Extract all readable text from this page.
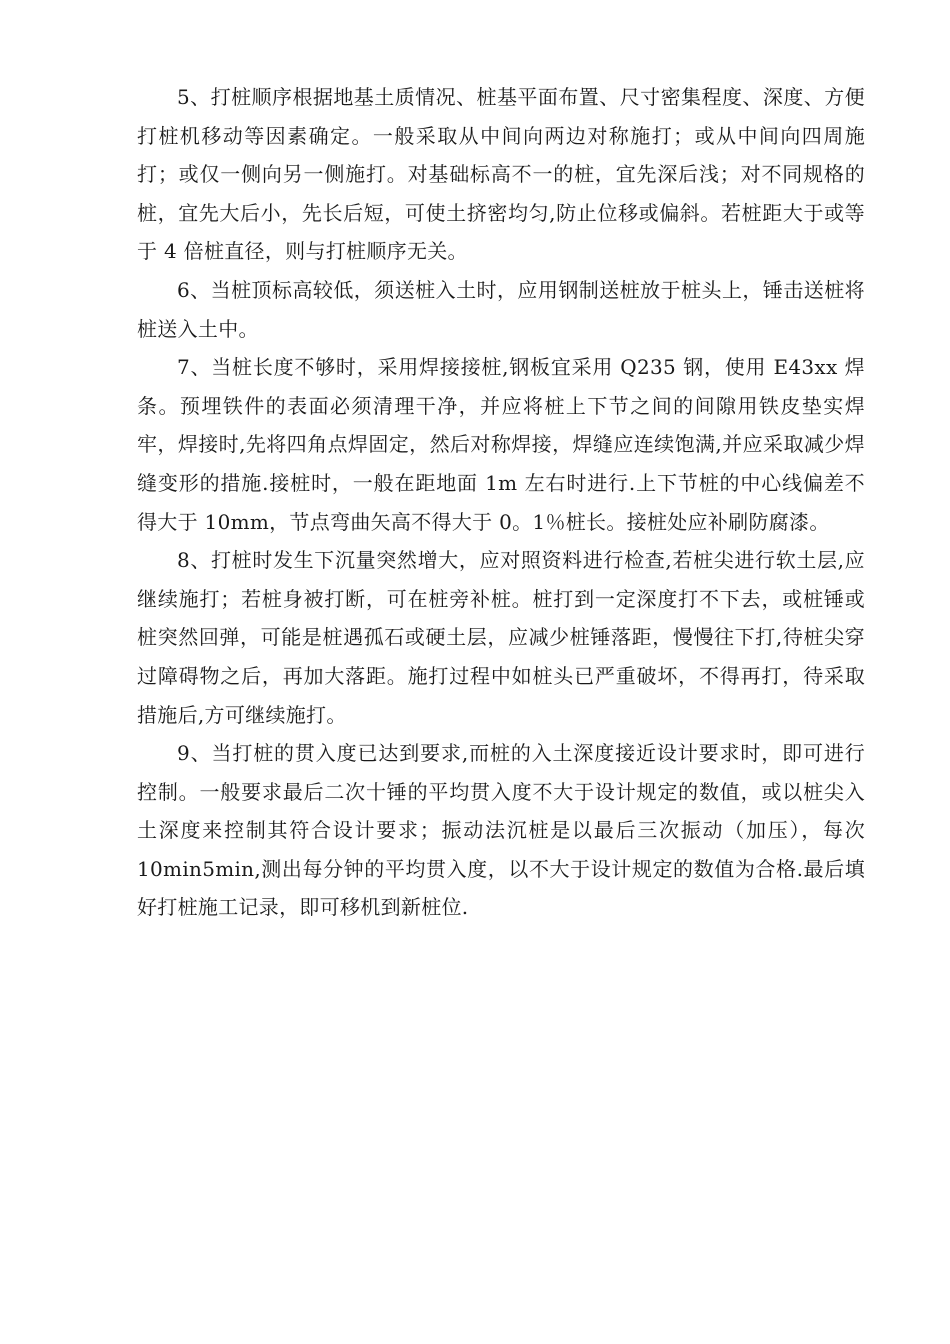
5、打桩顺序根据地基土质情况、桩基平面布置、尺寸密集程度、深度、方便打桩机移动等因素确定。一般采取从中间向两边对称施打；或从中间向四周施打；或仅一侧向另一侧施打。对基础标高不一的桩，宜先深后浅；对不同规格的桩，宜先大后小，先长后短，可使土挤密均匀,防止位移或偏斜。若桩距大于或等于 4 倍桩直径，则与打桩顺序无关。

6、当桩顶标高较低，须送桩入土时，应用钢制送桩放于桩头上，锤击送桩将桩送入土中。

7、当桩长度不够时，采用焊接接桩,钢板宜采用 Q235 钢，使用 E43xx 焊条。预埋铁件的表面必须清理干净，并应将桩上下节之间的间隙用铁皮垫实焊牢，焊接时,先将四角点焊固定，然后对称焊接，焊缝应连续饱满,并应采取减少焊缝变形的措施.接桩时，一般在距地面 1m 左右时进行.上下节桩的中心线偏差不得大于 10mm，节点弯曲矢高不得大于 0。1％桩长。接桩处应补刷防腐漆。

8、打桩时发生下沉量突然增大，应对照资料进行检查,若桩尖进行软土层,应继续施打；若桩身被打断，可在桩旁补桩。桩打到一定深度打不下去，或桩锤或桩突然回弹，可能是桩遇孤石或硬土层，应减少桩锤落距，慢慢往下打,待桩尖穿过障碍物之后，再加大落距。施打过程中如桩头已严重破坏，不得再打，待采取措施后,方可继续施打。

9、当打桩的贯入度已达到要求,而桩的入土深度接近设计要求时，即可进行控制。一般要求最后二次十锤的平均贯入度不大于设计规定的数值，或以桩尖入土深度来控制其符合设计要求；振动法沉桩是以最后三次振动（加压），每次 10min5min,测出每分钟的平均贯入度，以不大于设计规定的数值为合格.最后填好打桩施工记录，即可移机到新桩位.
